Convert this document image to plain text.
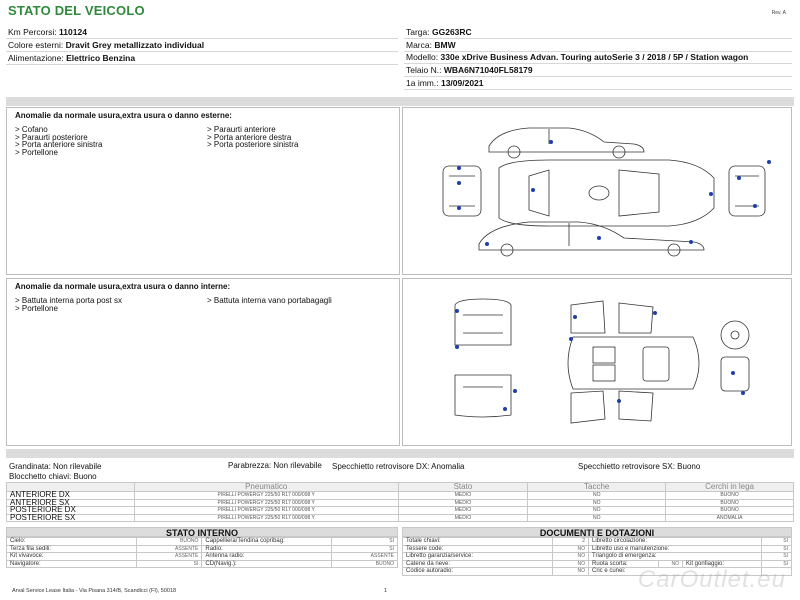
STATO DEL VEICOLO	Rev. A
Km Percorsi: 110124
Colore esterni: Dravit Grey metallizzato individual
Alimentazione: Elettrico Benzina
Targa: GG263RC
Marca: BMW
Modello: 330e xDrive Business Advan. Touring autoSerie 3 / 2018 / 5P / Station wagon
Telaio N.: WBA6N71040FL58179
1a imm.: 13/09/2021
Anomalie da normale usura,extra usura o danno esterne:
> Cofano
> Paraurti posteriore
> Porta anteriore sinistra
> Portellone
> Paraurti anteriore
> Porta anteriore destra
> Porta posteriore sinistra
Anomalie da normale usura,extra usura o danno interne:
> Battuta interna porta post sx
> Portellone
> Battuta interna vano portabagagli
Grandinata: Non rilevabile	Parabrezza: Non rilevabile	Specchietto retrovisore DX: Anomalia	Specchietto retrovisore SX: Buono
Blocchetto chiavi: Buono
	Pneumatico	Stato	Tacche	Cerchi in lega
ANTERIORE DX	PIRELLI POWERGY 225/50 R17 000/098 Y	MEDIO	NO	BUONO
ANTERIORE SX	PIRELLI POWERGY 225/50 R17 000/098 Y	MEDIO	NO	BUONO
POSTERIORE DX	PIRELLI POWERGY 225/50 R17 000/098 Y	MEDIO	NO	BUONO
POSTERIORE SX	PIRELLI POWERGY 225/50 R17 000/098 Y	MEDIO	NO	ANOMALIA
STATO INTERNO
Cielo:	BUONO	Cappelliera/Tendina copribag:	SI
Terza fila sedili:	ASSENTE	Radio:	SI
Kit vivavoce:	ASSENTE	Antenna radio:	ASSENTE
Navigatore:	SI	CD(Navig.):	BUONO
DOCUMENTI E DOTAZIONI
Totale chiavi:	2	Libretto circolazione:			SI
Tessere code:	NO	Libretto uso e manutenzione:			SI
Libretto garanzia/service:	NO	Triangolo di emergenza:			SI
Catene da neve:	NO	Ruota scorta:	NO	Kit gonfiaggio:	SI
Codice autoradio:	NO	Cric e cunei:			
Arval Service Lease Italia - Via Pisana 314/B, Scandicci (FI), 50018	1	CarOutlet.eu
